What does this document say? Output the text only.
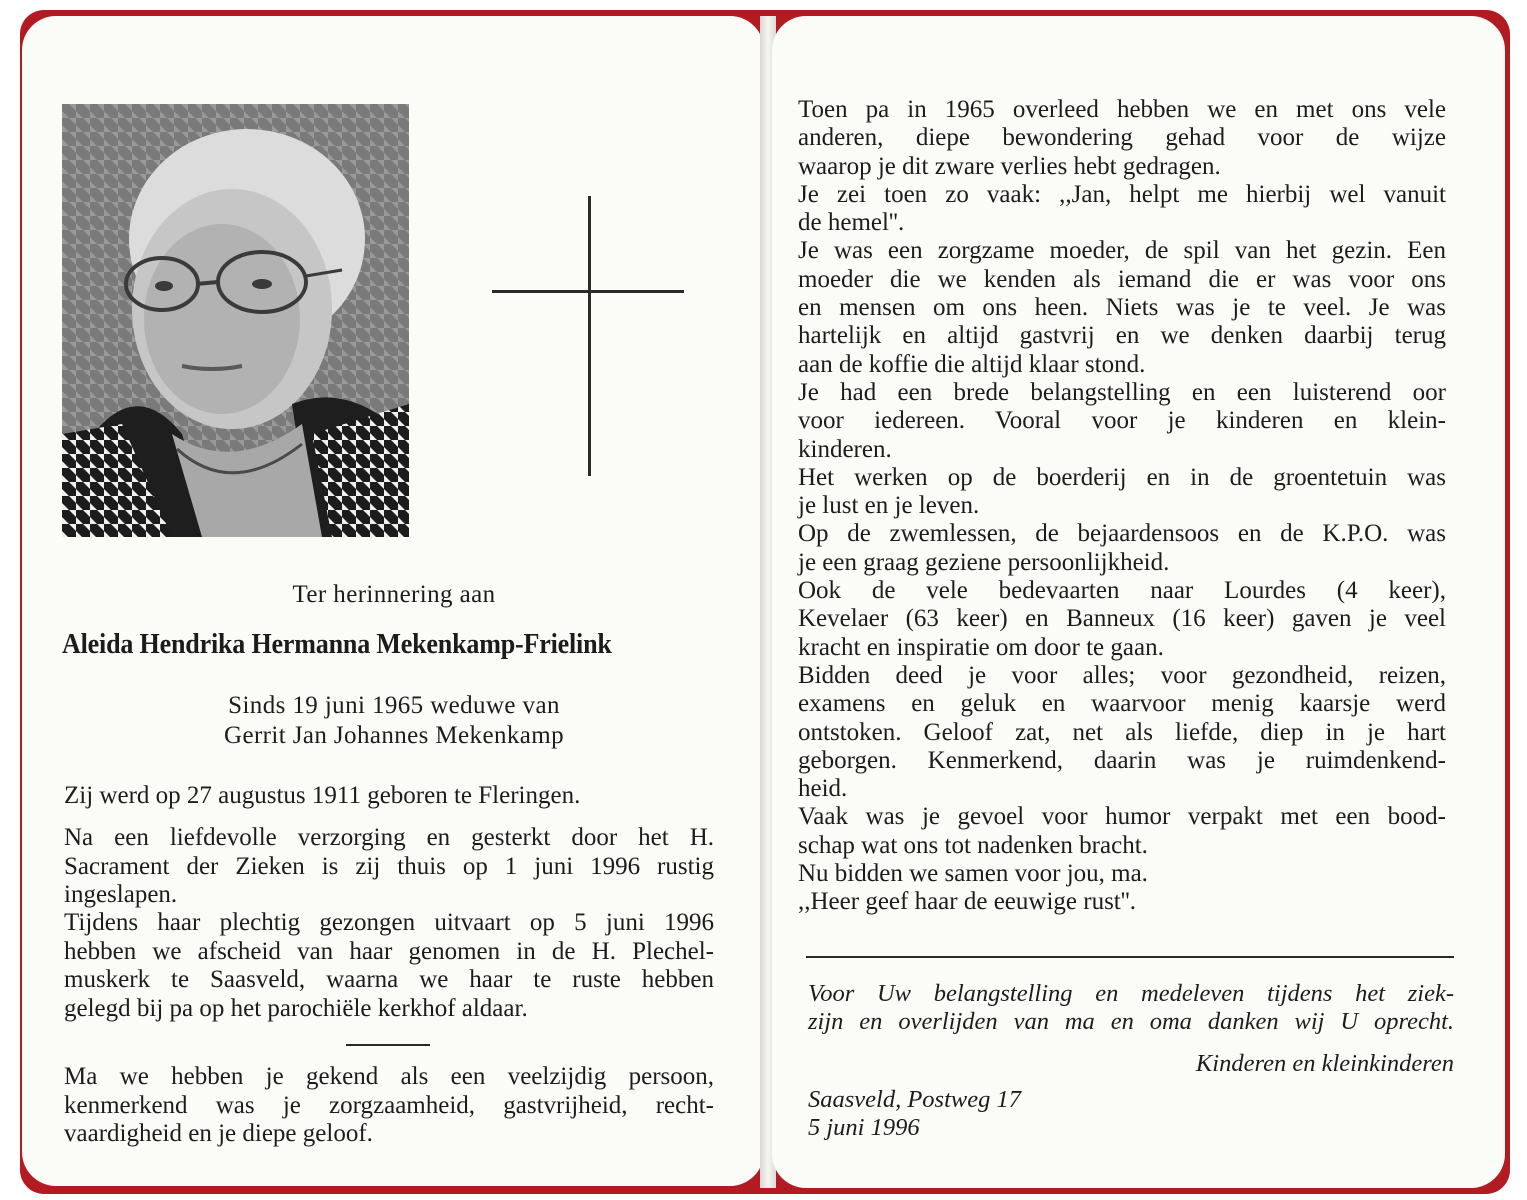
Ter herinnering aan
Aleida Hendrika Hermanna Mekenkamp-Frielink
Sinds 19 juni 1965 weduwe van
Gerrit Jan Johannes Mekenkamp
Zij werd op 27 augustus 1911 geboren te Fleringen.
Na een liefdevolle verzorging en gesterkt door het H.
Sacrament der Zieken is zij thuis op 1 juni 1996 rustig
ingeslapen.
Tijdens haar plechtig gezongen uitvaart op 5 juni 1996
hebben we afscheid van haar genomen in de H. Plechel-
muskerk te Saasveld, waarna we haar te ruste hebben
gelegd bij pa op het parochiële kerkhof aldaar.
Ma we hebben je gekend als een veelzijdig persoon,
kenmerkend was je zorgzaamheid, gastvrijheid, recht-
vaardigheid en je diepe geloof.
Toen pa in 1965 overleed hebben we en met ons vele
anderen, diepe bewondering gehad voor de wijze
waarop je dit zware verlies hebt gedragen.
Je zei toen zo vaak: ,,Jan, helpt me hierbij wel vanuit
de hemel''.
Je was een zorgzame moeder, de spil van het gezin. Een
moeder die we kenden als iemand die er was voor ons
en mensen om ons heen. Niets was je te veel. Je was
hartelijk en altijd gastvrij en we denken daarbij terug
aan de koffie die altijd klaar stond.
Je had een brede belangstelling en een luisterend oor
voor iedereen. Vooral voor je kinderen en klein-
kinderen.
Het werken op de boerderij en in de groentetuin was
je lust en je leven.
Op de zwemlessen, de bejaardensoos en de K.P.O. was
je een graag geziene persoonlijkheid.
Ook de vele bedevaarten naar Lourdes (4 keer),
Kevelaer (63 keer) en Banneux (16 keer) gaven je veel
kracht en inspiratie om door te gaan.
Bidden deed je voor alles; voor gezondheid, reizen,
examens en geluk en waarvoor menig kaarsje werd
ontstoken. Geloof zat, net als liefde, diep in je hart
geborgen. Kenmerkend, daarin was je ruimdenkend-
heid.
Vaak was je gevoel voor humor verpakt met een bood-
schap wat ons tot nadenken bracht.
Nu bidden we samen voor jou, ma.
,,Heer geef haar de eeuwige rust''.
Voor Uw belangstelling en medeleven tijdens het ziek-
zijn en overlijden van ma en oma danken wij U oprecht.
Kinderen en kleinkinderen
Saasveld, Postweg 17
5 juni 1996
